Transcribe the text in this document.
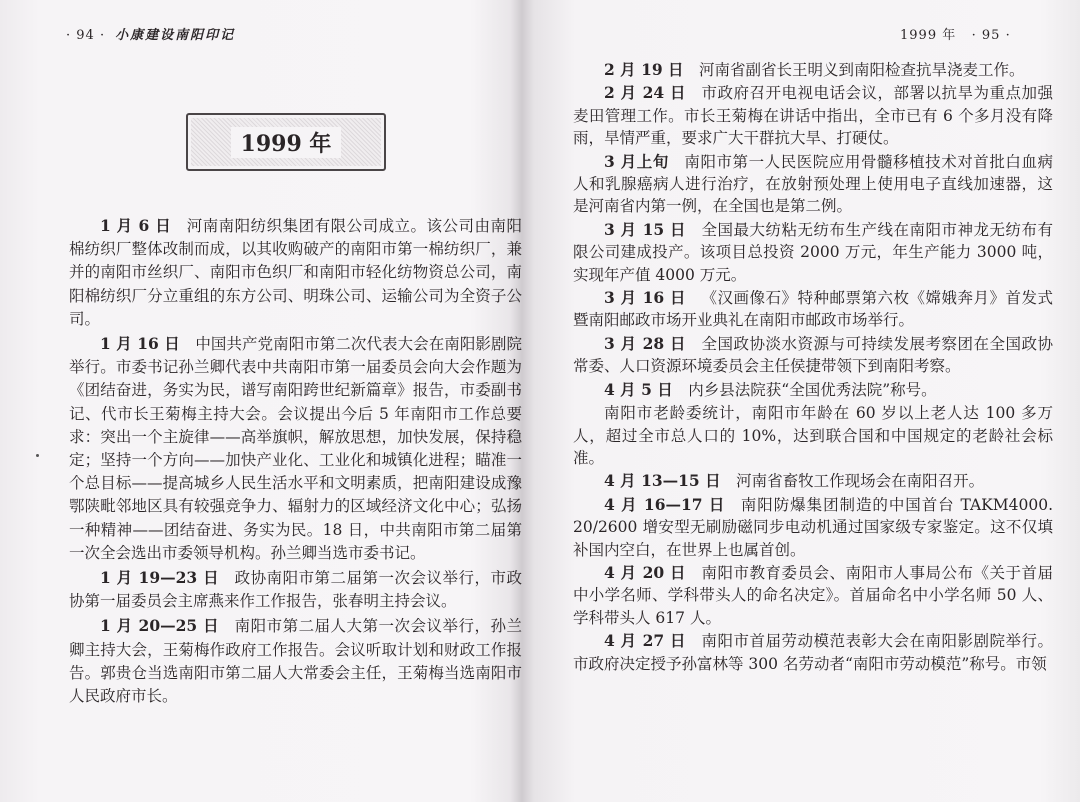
· 94 · 小康建设南阳印记
1999 年

1 月 6 日 河南南阳纺织集团有限公司成立。该公司由南阳棉纺织厂整体改制而成，以其收购破产的南阳市第一棉纺织厂，兼并的南阳市丝织厂、南阳市色织厂和南阳市轻化纺物资总公司，南阳棉纺织厂分立重组的东方公司、明珠公司、运输公司为全资子公司。

1 月 16 日 中国共产党南阳市第二次代表大会在南阳影剧院举行。市委书记孙兰卿代表中共南阳市第一届委员会向大会作题为《团结奋进，务实为民，谱写南阳跨世纪新篇章》报告，市委副书记、代市长王菊梅主持大会。会议提出今后 5 年南阳市工作总要求：突出一个主旋律——高举旗帜，解放思想，加快发展，保持稳定；坚持一个方向——加快产业化、工业化和城镇化进程；瞄准一个总目标——提高城乡人民生活水平和文明素质，把南阳建设成豫鄂陕毗邻地区具有较强竞争力、辐射力的区域经济文化中心；弘扬一种精神——团结奋进、务实为民。18 日，中共南阳市第二届第一次全会选出市委领导机构。孙兰卿当选市委书记。

1 月 19—23 日 政协南阳市第二届第一次会议举行，市政协第一届委员会主席燕来作工作报告，张春明主持会议。

1 月 20—25 日 南阳市第二届人大第一次会议举行，孙兰卿主持大会，王菊梅作政府工作报告。会议听取计划和财政工作报告。郭贵仓当选南阳市第二届人大常委会主任，王菊梅当选南阳市人民政府市长。

1999 年 · 95 ·

2 月 19 日 河南省副省长王明义到南阳检查抗旱浇麦工作。

2 月 24 日 市政府召开电视电话会议，部署以抗旱为重点加强麦田管理工作。市长王菊梅在讲话中指出，全市已有 6 个多月没有降雨，旱情严重，要求广大干群抗大旱、打硬仗。

3 月上旬 南阳市第一人民医院应用骨髓移植技术对首批白血病人和乳腺癌病人进行治疗，在放射预处理上使用电子直线加速器，这是河南省内第一例，在全国也是第二例。

3 月 15 日 全国最大纺粘无纺布生产线在南阳市神龙无纺布有限公司建成投产。该项目总投资 2000 万元，年生产能力 3000 吨，实现年产值 4000 万元。

3 月 16 日 《汉画像石》特种邮票第六枚《嫦娥奔月》首发式暨南阳邮政市场开业典礼在南阳市邮政市场举行。

3 月 28 日 全国政协淡水资源与可持续发展考察团在全国政协常委、人口资源环境委员会主任侯捷带领下到南阳考察。

4 月 5 日 内乡县法院获“全国优秀法院”称号。

南阳市老龄委统计，南阳市年龄在 60 岁以上老人达 100 多万人，超过全市总人口的 10%，达到联合国和中国规定的老龄社会标准。

4 月 13—15 日 河南省畜牧工作现场会在南阳召开。

4 月 16—17 日 南阳防爆集团制造的中国首台 TAKM4000. 20/2600 增安型无刷励磁同步电动机通过国家级专家鉴定。这不仅填补国内空白，在世界上也属首创。

4 月 20 日 南阳市教育委员会、南阳市人事局公布《关于首届中小学名师、学科带头人的命名决定》。首届命名中小学名师 50 人、学科带头人 617 人。

4 月 27 日 南阳市首届劳动模范表彰大会在南阳影剧院举行。市政府决定授予孙富林等 300 名劳动者“南阳市劳动模范”称号。市领
